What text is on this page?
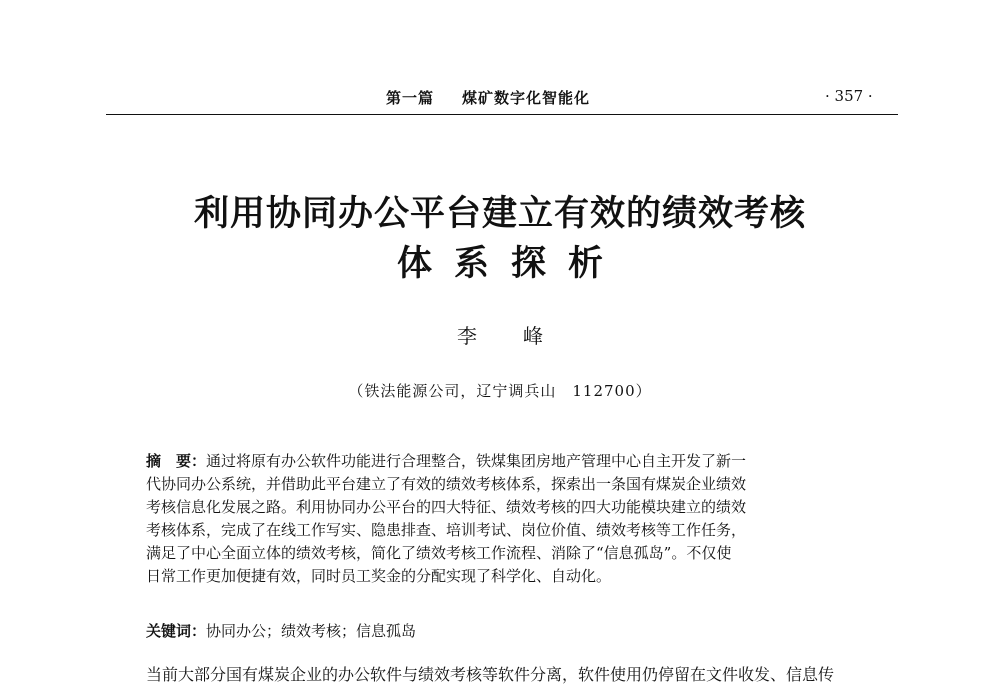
第一篇 煤矿数字化智能化	· 357 ·
利用协同办公平台建立有效的绩效考核
体系探析
李峰
（铁法能源公司，辽宁调兵山　112700）
摘　要：通过将原有办公软件功能进行合理整合，铁煤集团房地产管理中心自主开发了新一
代协同办公系统，并借助此平台建立了有效的绩效考核体系，探索出一条国有煤炭企业绩效
考核信息化发展之路。利用协同办公平台的四大特征、绩效考核的四大功能模块建立的绩效
考核体系，完成了在线工作写实、隐患排查、培训考试、岗位价值、绩效考核等工作任务，
满足了中心全面立体的绩效考核，简化了绩效考核工作流程、消除了“信息孤岛”。不仅使
日常工作更加便捷有效，同时员工奖金的分配实现了科学化、自动化。
关键词：协同办公；绩效考核；信息孤岛
当前大部分国有煤炭企业的办公软件与绩效考核等软件分离，软件使用仍停留在文件收发、信息传
